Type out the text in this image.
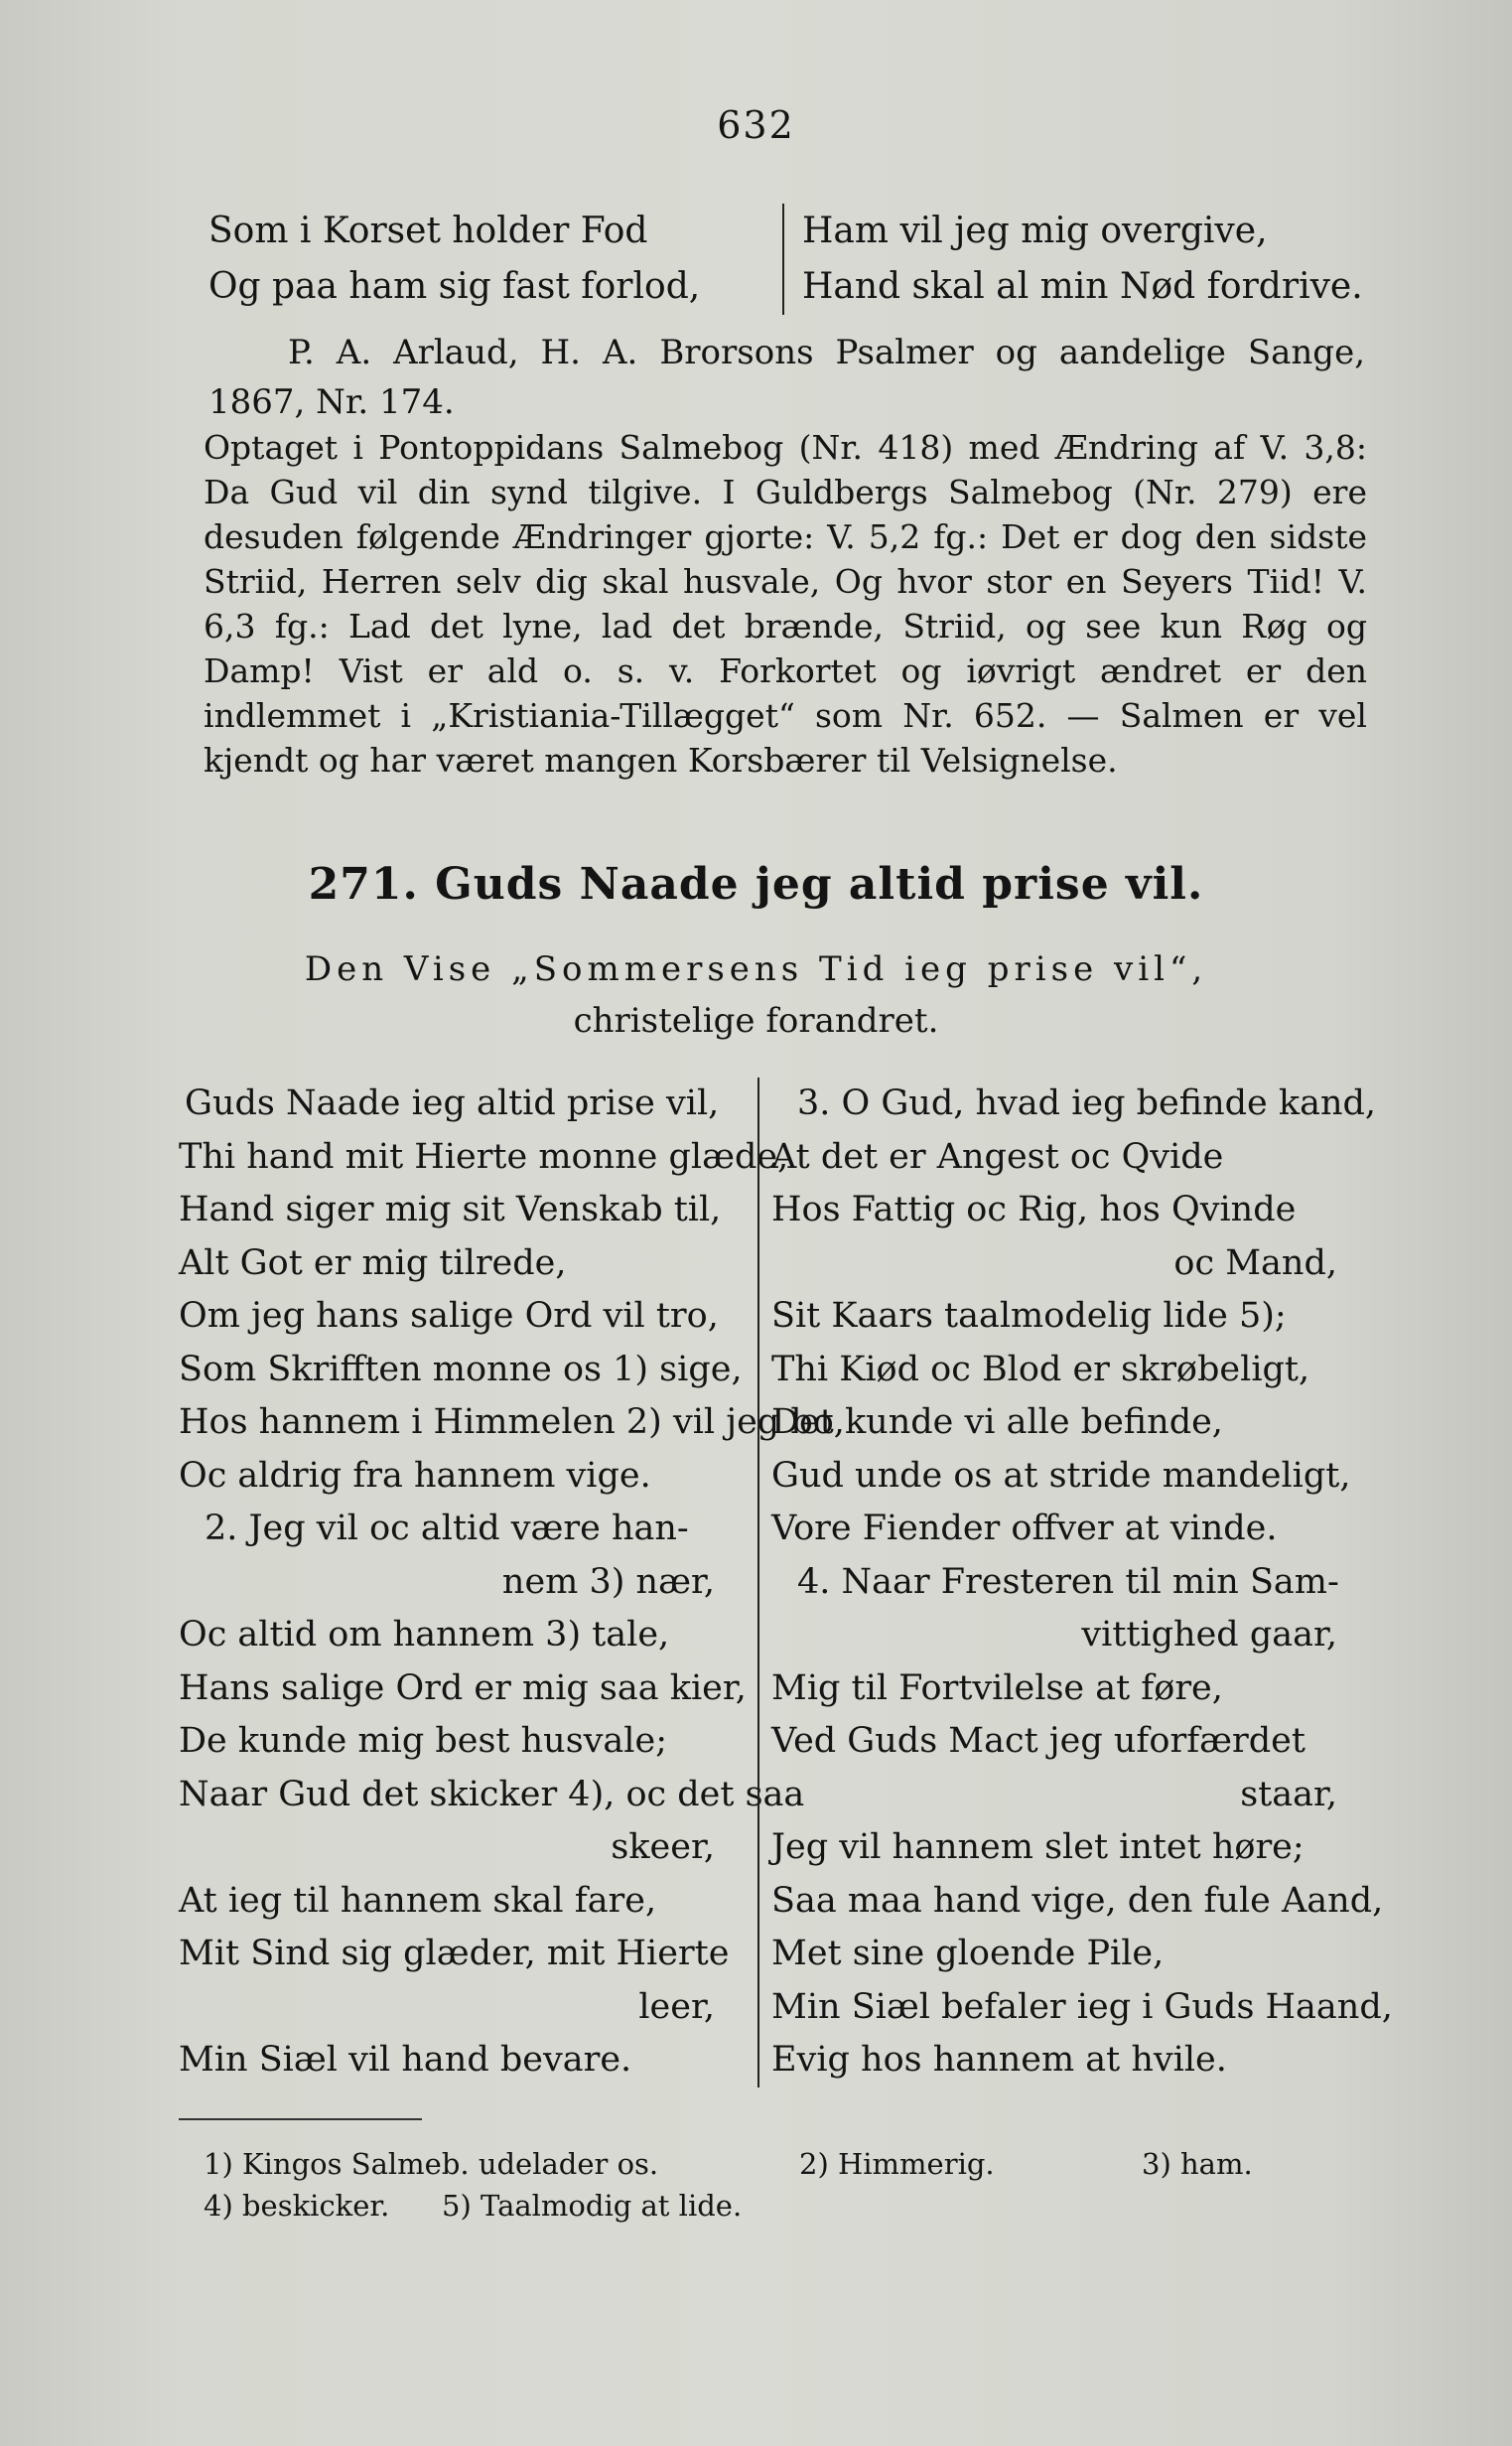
632
Som i Korset holder Fod
Og paa ham sig fast forlod,
Ham vil jeg mig overgive,
Hand skal al min Nød fordrive.
P. A. Arlaud, H. A. Brorsons Psalmer og aandelige Sange, 1867, Nr. 174.
Optaget i Pontoppidans Salmebog (Nr. 418) med Ændring af V. 3,8: Da Gud vil din synd tilgive. I Guldbergs Salmebog (Nr. 279) ere desuden følgende Ændringer gjorte: V. 5,2 fg.: Det er dog den sidste Striid, Herren selv dig skal husvale, Og hvor stor en Seyers Tiid! V. 6,3 fg.: Lad det lyne, lad det brænde, Striid, og see kun Røg og Damp! Vist er ald o. s. v. Forkortet og iøvrigt ændret er den indlemmet i „Kristiania-Tillægget“ som Nr. 652. — Salmen er vel kjendt og har været mangen Korsbærer til Velsignelse.
271. Guds Naade jeg altid prise vil.
Den Vise „Sommersens Tid ieg prise vil“,
christelige forandret.
Guds Naade ieg altid prise vil,
Thi hand mit Hierte monne glæde,
Hand siger mig sit Venskab til,
Alt Got er mig tilrede,
Om jeg hans salige Ord vil tro,
Som Skrifften monne os 1) sige,
Hos hannem i Himmelen 2) vil jeg bo,
Oc aldrig fra hannem vige.
2. Jeg vil oc altid være han-
nem 3) nær,
Oc altid om hannem 3) tale,
Hans salige Ord er mig saa kier,
De kunde mig best husvale;
Naar Gud det skicker 4), oc det saa
skeer,
At ieg til hannem skal fare,
Mit Sind sig glæder, mit Hierte
leer,
Min Siæl vil hand bevare.
3. O Gud, hvad ieg befinde kand,
At det er Angest oc Qvide
Hos Fattig oc Rig, hos Qvinde
oc Mand,
Sit Kaars taalmodelig lide 5);
Thi Kiød oc Blod er skrøbeligt,
Det kunde vi alle befinde,
Gud unde os at stride mandeligt,
Vore Fiender offver at vinde.
4. Naar Fresteren til min Sam-
vittighed gaar,
Mig til Fortvilelse at føre,
Ved Guds Mact jeg uforfærdet
staar,
Jeg vil hannem slet intet høre;
Saa maa hand vige, den fule Aand,
Met sine gloende Pile,
Min Siæl befaler ieg i Guds Haand,
Evig hos hannem at hvile.
1) Kingos Salmeb. udelader os.	2) Himmerig.	3) ham.
4) beskicker. 5) Taalmodig at lide.
